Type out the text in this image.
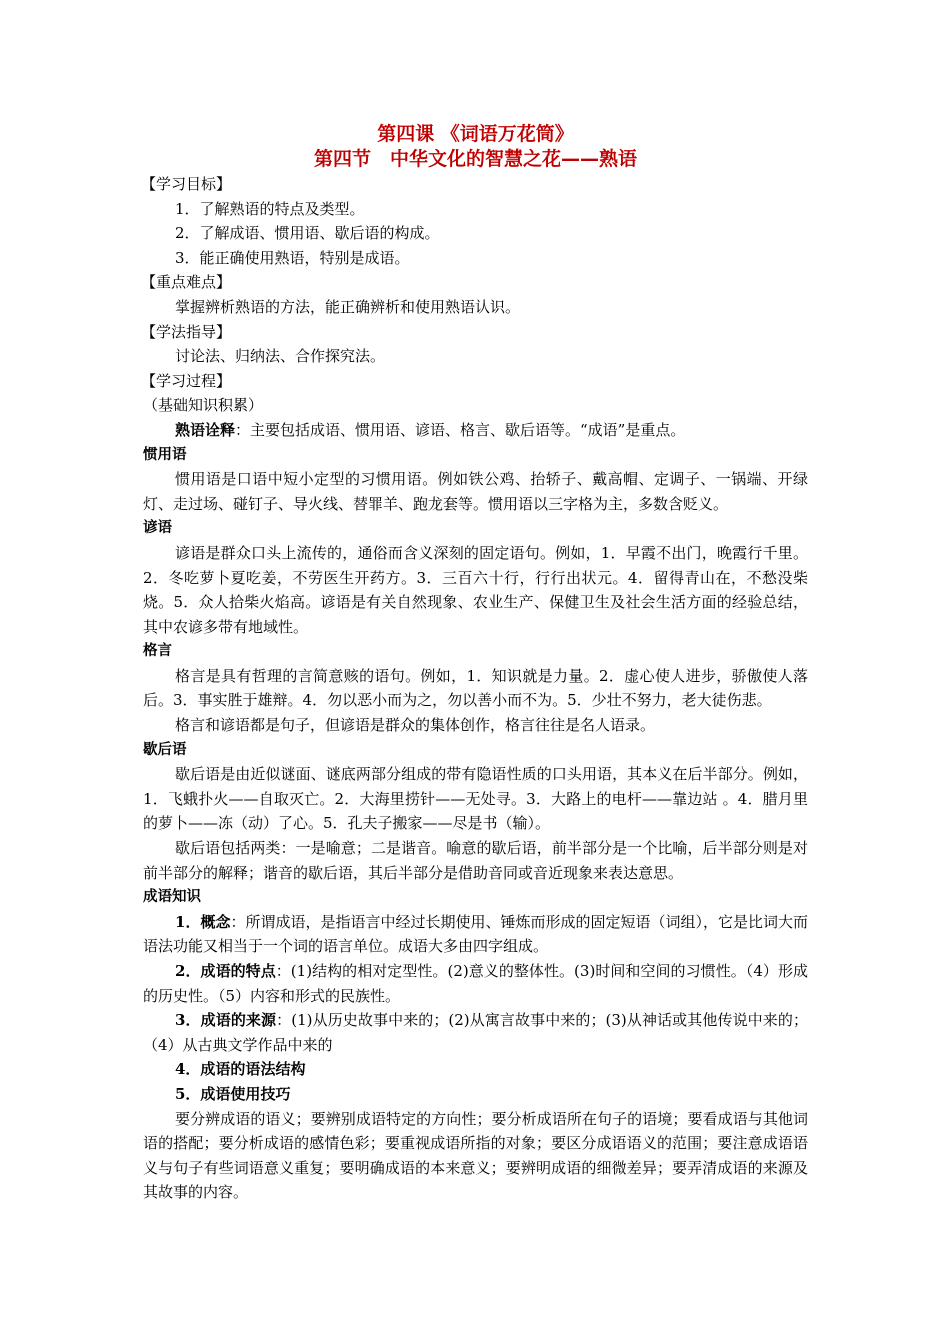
第四课 《词语万花筒》
第四节　中华文化的智慧之花——熟语

【学习目标】

1．了解熟语的特点及类型。

2．了解成语、惯用语、歇后语的构成。

3．能正确使用熟语，特别是成语。

【重点难点】

掌握辨析熟语的方法，能正确辨析和使用熟语认识。

【学法指导】

讨论法、归纳法、合作探究法。

【学习过程】

（基础知识积累）

熟语诠释：主要包括成语、惯用语、谚语、格言、歇后语等。“成语”是重点。

惯用语

惯用语是口语中短小定型的习惯用语。例如铁公鸡、抬轿子、戴高帽、定调子、一锅端、开绿灯、走过场、碰钉子、导火线、替罪羊、跑龙套等。惯用语以三字格为主，多数含贬义。

谚语

谚语是群众口头上流传的，通俗而含义深刻的固定语句。例如，1．早霞不出门，晚霞行千里。2．冬吃萝卜夏吃姜，不劳医生开药方。3．三百六十行，行行出状元。4．留得青山在，不愁没柴烧。5．众人拾柴火焰高。谚语是有关自然现象、农业生产、保健卫生及社会生活方面的经验总结，其中农谚多带有地域性。

格言

格言是具有哲理的言简意赅的语句。例如，1．知识就是力量。2．虚心使人进步，骄傲使人落后。3．事实胜于雄辩。4．勿以恶小而为之，勿以善小而不为。5．少壮不努力，老大徒伤悲。

格言和谚语都是句子，但谚语是群众的集体创作，格言往往是名人语录。

歇后语

歇后语是由近似谜面、谜底两部分组成的带有隐语性质的口头用语，其本义在后半部分。例如，1．飞蛾扑火——自取灭亡。2．大海里捞针——无处寻。3．大路上的电杆——靠边站 。4．腊月里的萝卜——冻（动）了心。5．孔夫子搬家——尽是书（输）。

歇后语包括两类：一是喻意；二是谐音。喻意的歇后语，前半部分是一个比喻，后半部分则是对前半部分的解释；谐音的歇后语，其后半部分是借助音同或音近现象来表达意思。

成语知识

1．概念：所谓成语，是指语言中经过长期使用、锤炼而形成的固定短语（词组），它是比词大而语法功能又相当于一个词的语言单位。成语大多由四字组成。

2．成语的特点：(1)结构的相对定型性。(2)意义的整体性。(3)时间和空间的习惯性。（4）形成的历史性。（5）内容和形式的民族性。

3．成语的来源：(1)从历史故事中来的；(2)从寓言故事中来的；(3)从神话或其他传说中来的；（4）从古典文学作品中来的

4．成语的语法结构

5．成语使用技巧

要分辨成语的语义；要辨别成语特定的方向性；要分析成语所在句子的语境；要看成语与其他词语的搭配；要分析成语的感情色彩；要重视成语所指的对象；要区分成语语义的范围；要注意成语语义与句子有些词语意义重复；要明确成语的本来意义；要辨明成语的细微差异；要弄清成语的来源及其故事的内容。
